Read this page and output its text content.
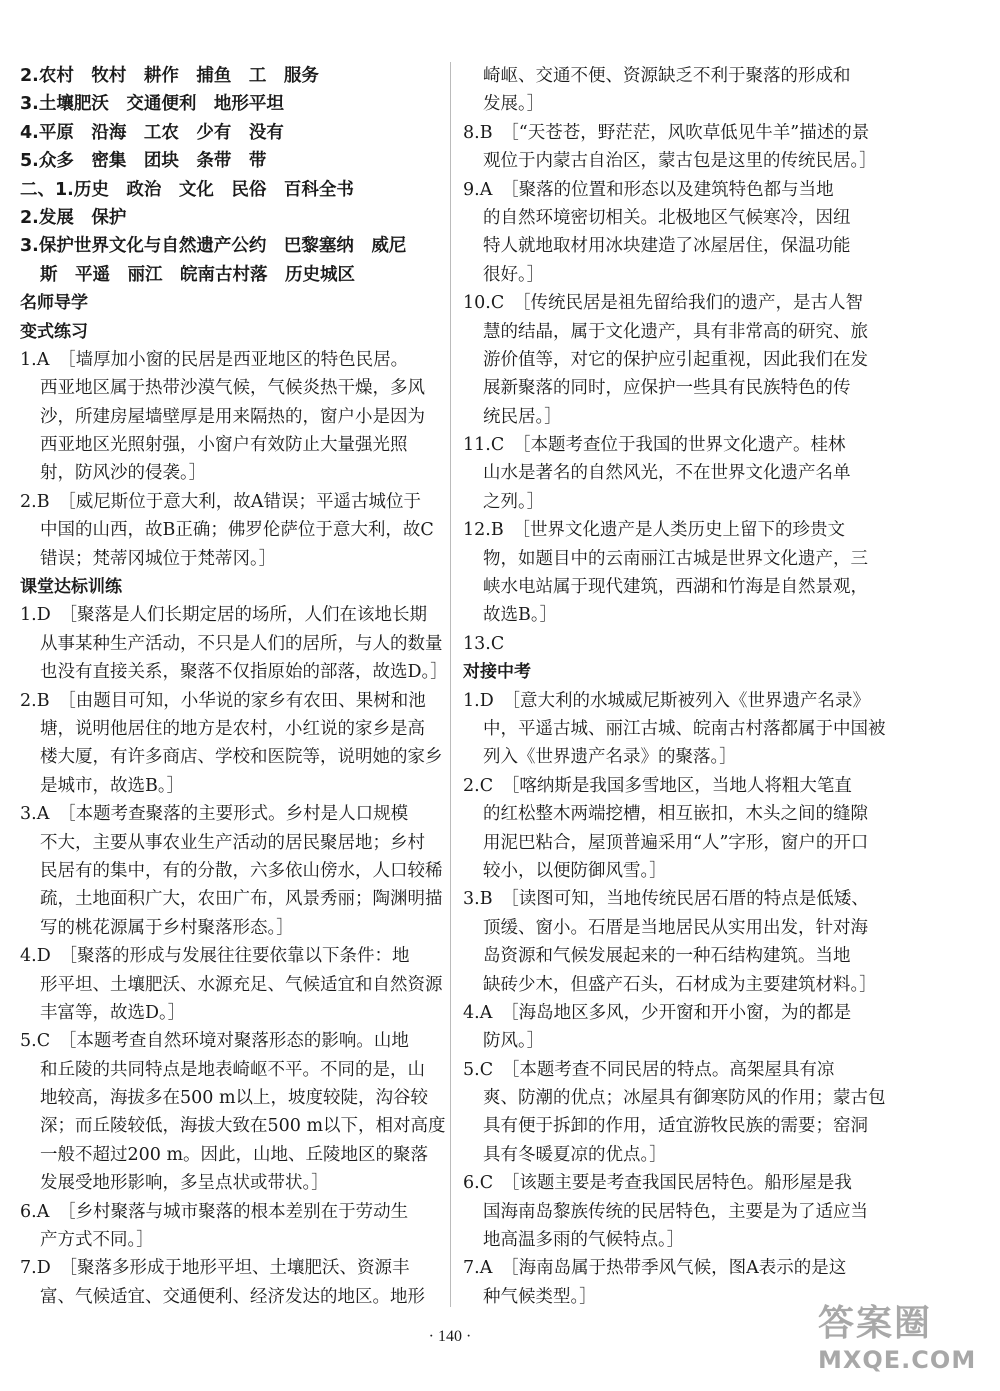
2.农村　牧村　耕作　捕鱼　工　服务
3.土壤肥沃　交通便利　地形平坦
4.平原　沿海　工农　少有　没有
5.众多　密集　团块　条带　带
二、1.历史　政治　文化　民俗　百科全书
2.发展　保护
3.保护世界文化与自然遗产公约　巴黎塞纳　威尼
斯　平遥　丽江　皖南古村落　历史城区
名师导学
变式练习
1.A　［墙厚加小窗的民居是西亚地区的特色民居。
西亚地区属于热带沙漠气候，气候炎热干燥，多风
沙，所建房屋墙壁厚是用来隔热的，窗户小是因为
西亚地区光照射强，小窗户有效防止大量强光照
射，防风沙的侵袭。］
2.B　［威尼斯位于意大利，故A错误；平遥古城位于
中国的山西，故B正确；佛罗伦萨位于意大利，故C
错误；梵蒂冈城位于梵蒂冈。］
课堂达标训练
1.D　［聚落是人们长期定居的场所，人们在该地长期
从事某种生产活动，不只是人们的居所，与人的数量
也没有直接关系，聚落不仅指原始的部落，故选D。］
2.B　［由题目可知，小华说的家乡有农田、果树和池
塘，说明他居住的地方是农村，小红说的家乡是高
楼大厦，有许多商店、学校和医院等，说明她的家乡
是城市，故选B。］
3.A　［本题考查聚落的主要形式。乡村是人口规模
不大，主要从事农业生产活动的居民聚居地；乡村
民居有的集中，有的分散，六多依山傍水，人口较稀
疏，土地面积广大，农田广布，风景秀丽；陶渊明描
写的桃花源属于乡村聚落形态。］
4.D　［聚落的形成与发展往往要依靠以下条件：地
形平坦、土壤肥沃、水源充足、气候适宜和自然资源
丰富等，故选D。］
5.C　［本题考查自然环境对聚落形态的影响。山地
和丘陵的共同特点是地表崎岖不平。不同的是，山
地较高，海拔多在500 m以上，坡度较陡，沟谷较
深；而丘陵较低，海拔大致在500 m以下，相对高度
一般不超过200 m。因此，山地、丘陵地区的聚落
发展受地形影响，多呈点状或带状。］
6.A　［乡村聚落与城市聚落的根本差别在于劳动生
产方式不同。］
7.D　［聚落多形成于地形平坦、土壤肥沃、资源丰
富、气候适宜、交通便利、经济发达的地区。地形
崎岖、交通不便、资源缺乏不利于聚落的形成和
发展。］
8.B　［“天苍苍，野茫茫，风吹草低见牛羊”描述的景
观位于内蒙古自治区，蒙古包是这里的传统民居。］
9.A　［聚落的位置和形态以及建筑特色都与当地
的自然环境密切相关。北极地区气候寒冷，因纽
特人就地取材用冰块建造了冰屋居住，保温功能
很好。］
10.C　［传统民居是祖先留给我们的遗产，是古人智
慧的结晶，属于文化遗产，具有非常高的研究、旅
游价值等，对它的保护应引起重视，因此我们在发
展新聚落的同时，应保护一些具有民族特色的传
统民居。］
11.C　［本题考查位于我国的世界文化遗产。桂林
山水是著名的自然风光，不在世界文化遗产名单
之列。］
12.B　［世界文化遗产是人类历史上留下的珍贵文
物，如题目中的云南丽江古城是世界文化遗产，三
峡水电站属于现代建筑，西湖和竹海是自然景观，
故选B。］
13.C
对接中考
1.D　［意大利的水城威尼斯被列入《世界遗产名录》
中，平遥古城、丽江古城、皖南古村落都属于中国被
列入《世界遗产名录》的聚落。］
2.C　［喀纳斯是我国多雪地区，当地人将粗大笔直
的红松整木两端挖槽，相互嵌扣，木头之间的缝隙
用泥巴粘合，屋顶普遍采用“人”字形，窗户的开口
较小，以便防御风雪。］
3.B　［读图可知，当地传统民居石厝的特点是低矮、
顶缓、窗小。石厝是当地居民从实用出发，针对海
岛资源和气候发展起来的一种石结构建筑。当地
缺砖少木，但盛产石头，石材成为主要建筑材料。］
4.A　［海岛地区多风，少开窗和开小窗，为的都是
防风。］
5.C　［本题考查不同民居的特点。高架屋具有凉
爽、防潮的优点；冰屋具有御寒防风的作用；蒙古包
具有便于拆卸的作用，适宜游牧民族的需要；窑洞
具有冬暖夏凉的优点。］
6.C　［该题主要是考查我国民居特色。船形屋是我
国海南岛黎族传统的民居特色，主要是为了适应当
地高温多雨的气候特点。］
7.A　［海南岛属于热带季风气候，图A表示的是这
种气候类型。］
· 140 ·	答案圈
MXQE.COM
